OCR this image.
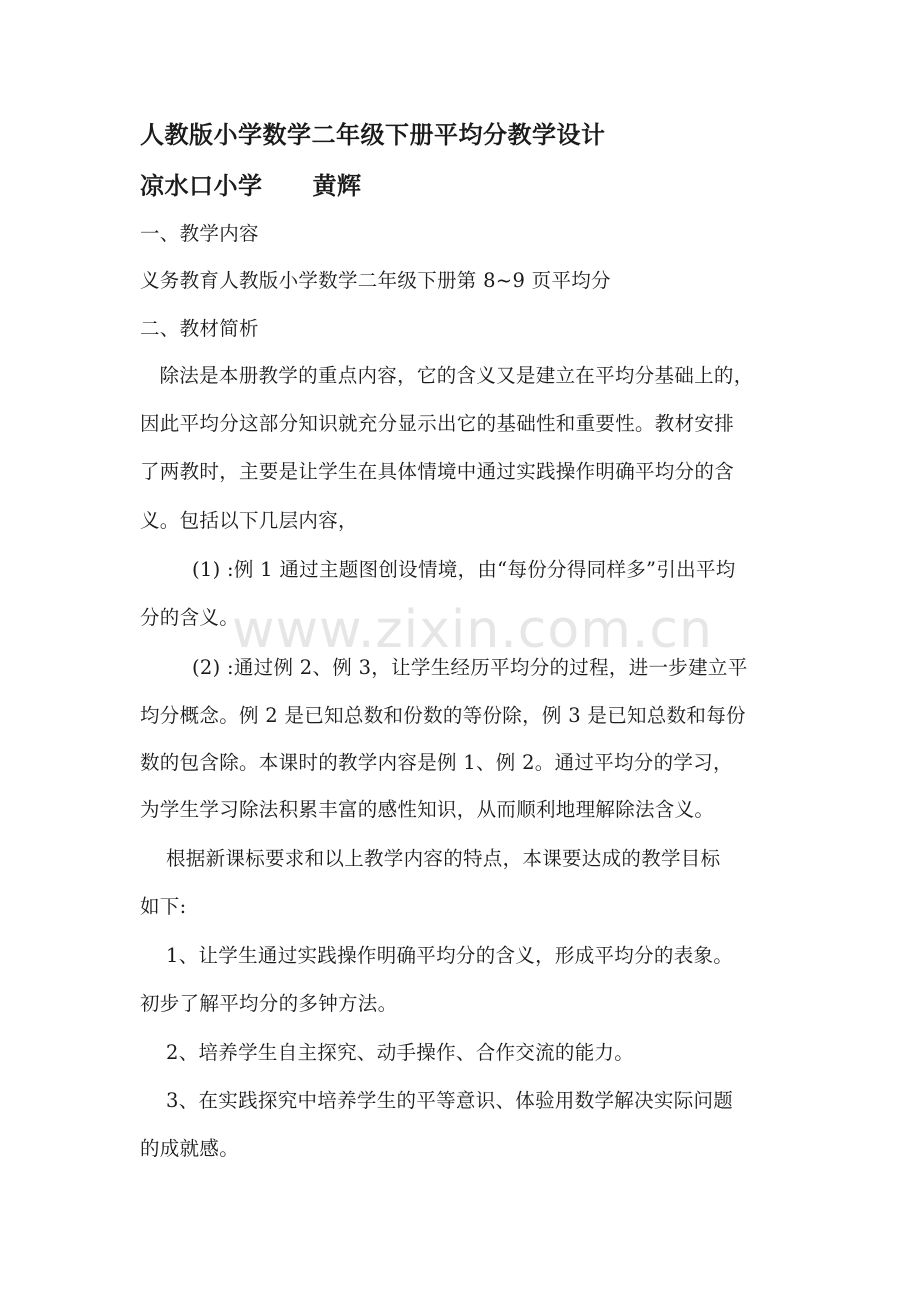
人教版小学数学二年级下册平均分教学设计
凉水口小学 黄辉
一、教学内容
义务教育人教版小学数学二年级下册第 8~9 页平均分
二、教材简析
除法是本册教学的重点内容，它的含义又是建立在平均分基础上的，
因此平均分这部分知识就充分显示出它的基础性和重要性。教材安排
了两教时，主要是让学生在具体情境中通过实践操作明确平均分的含
义。包括以下几层内容，
(1) :例 1 通过主题图创设情境，由“每份分得同样多”引出平均
分的含义。
(2) :通过例 2、例 3，让学生经历平均分的过程，进一步建立平
均分概念。例 2 是已知总数和份数的等份除，例 3 是已知总数和每份
数的包含除。本课时的教学内容是例 1、例 2。通过平均分的学习，
为学生学习除法积累丰富的感性知识，从而顺利地理解除法含义。
根据新课标要求和以上教学内容的特点，本课要达成的教学目标
如下:
1、让学生通过实践操作明确平均分的含义，形成平均分的表象。
初步了解平均分的多钟方法。
2、培养学生自主探究、动手操作、合作交流的能力。
3、在实践探究中培养学生的平等意识、体验用数学解决实际问题
的成就感。
www.zixin.com.cn
